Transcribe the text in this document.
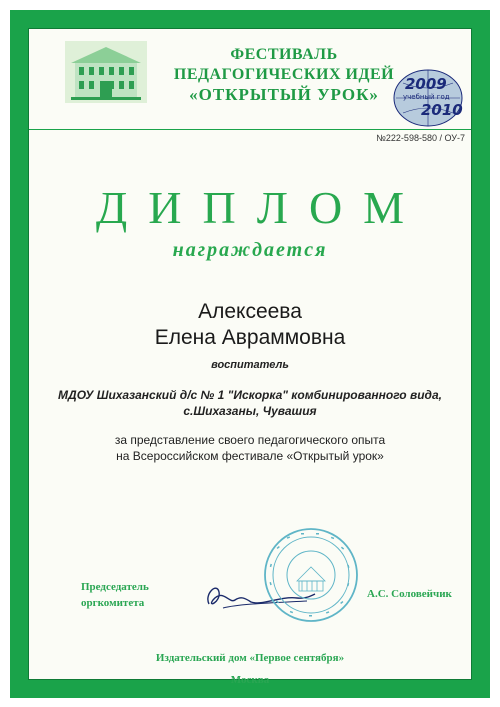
ФЕСТИВАЛЬ
ПЕДАГОГИЧЕСКИХ ИДЕЙ
«ОТКРЫТЫЙ УРОК»
2009
учебный год
2010
№222-598-580 / ОУ-7
ДИПЛОМ
награждается
Алексеева
Елена Авраммовна
воспитатель
МДОУ Шихазанский д/с № 1 "Искорка" комбинированного вида,
с.Шихазаны, Чувашия
за представление своего педагогического опыта
на Всероссийском фестивале «Открытый урок»
Председатель
оргкомитета
А.С. Соловейчик
Издательский дом «Первое сентября»
Москва
